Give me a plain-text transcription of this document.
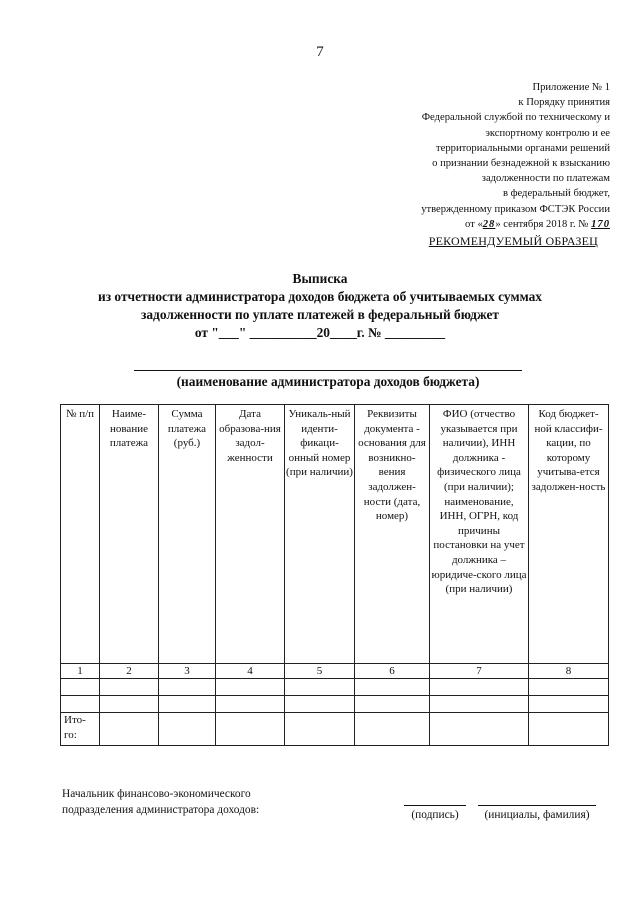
7
Приложение № 1
к Порядку принятия
Федеральной службой по техническому и
экспортному контролю и ее
территориальными органами решений
о признании безнадежной к взысканию
задолженности по платежам
в федеральный бюджет,
утвержденному приказом ФСТЭК России
от «28» сентября 2018 г. № 170
РЕКОМЕНДУЕМЫЙ ОБРАЗЕЦ
Выписка
из отчетности администратора доходов бюджета об учитываемых суммах
задолженности по уплате платежей в федеральный бюджет
от "___" __________20____г. № _________
(наименование администратора доходов бюджета)
№ п/п	Наиме-нование платежа	Сумма платежа (руб.)	Дата образова-ния задол-женности	Уникаль-ный иденти-фикаци-онный номер (при наличии)	Реквизиты документа - основания для возникно-вения задолжен-ности (дата, номер)	ФИО (отчество указывается при наличии), ИНН должника - физического лица (при наличии); наименование, ИНН, ОГРН, код причины постановки на учет должника – юридиче-ского лица (при наличии)	Код бюджет-ной классифи-кации, по которому учитыва-ется задолжен-ность
1	2	3	4	5	6	7	8

Ито-го:							
Начальник финансово-экономического
подразделения администратора доходов:	(подпись)	(инициалы, фамилия)
